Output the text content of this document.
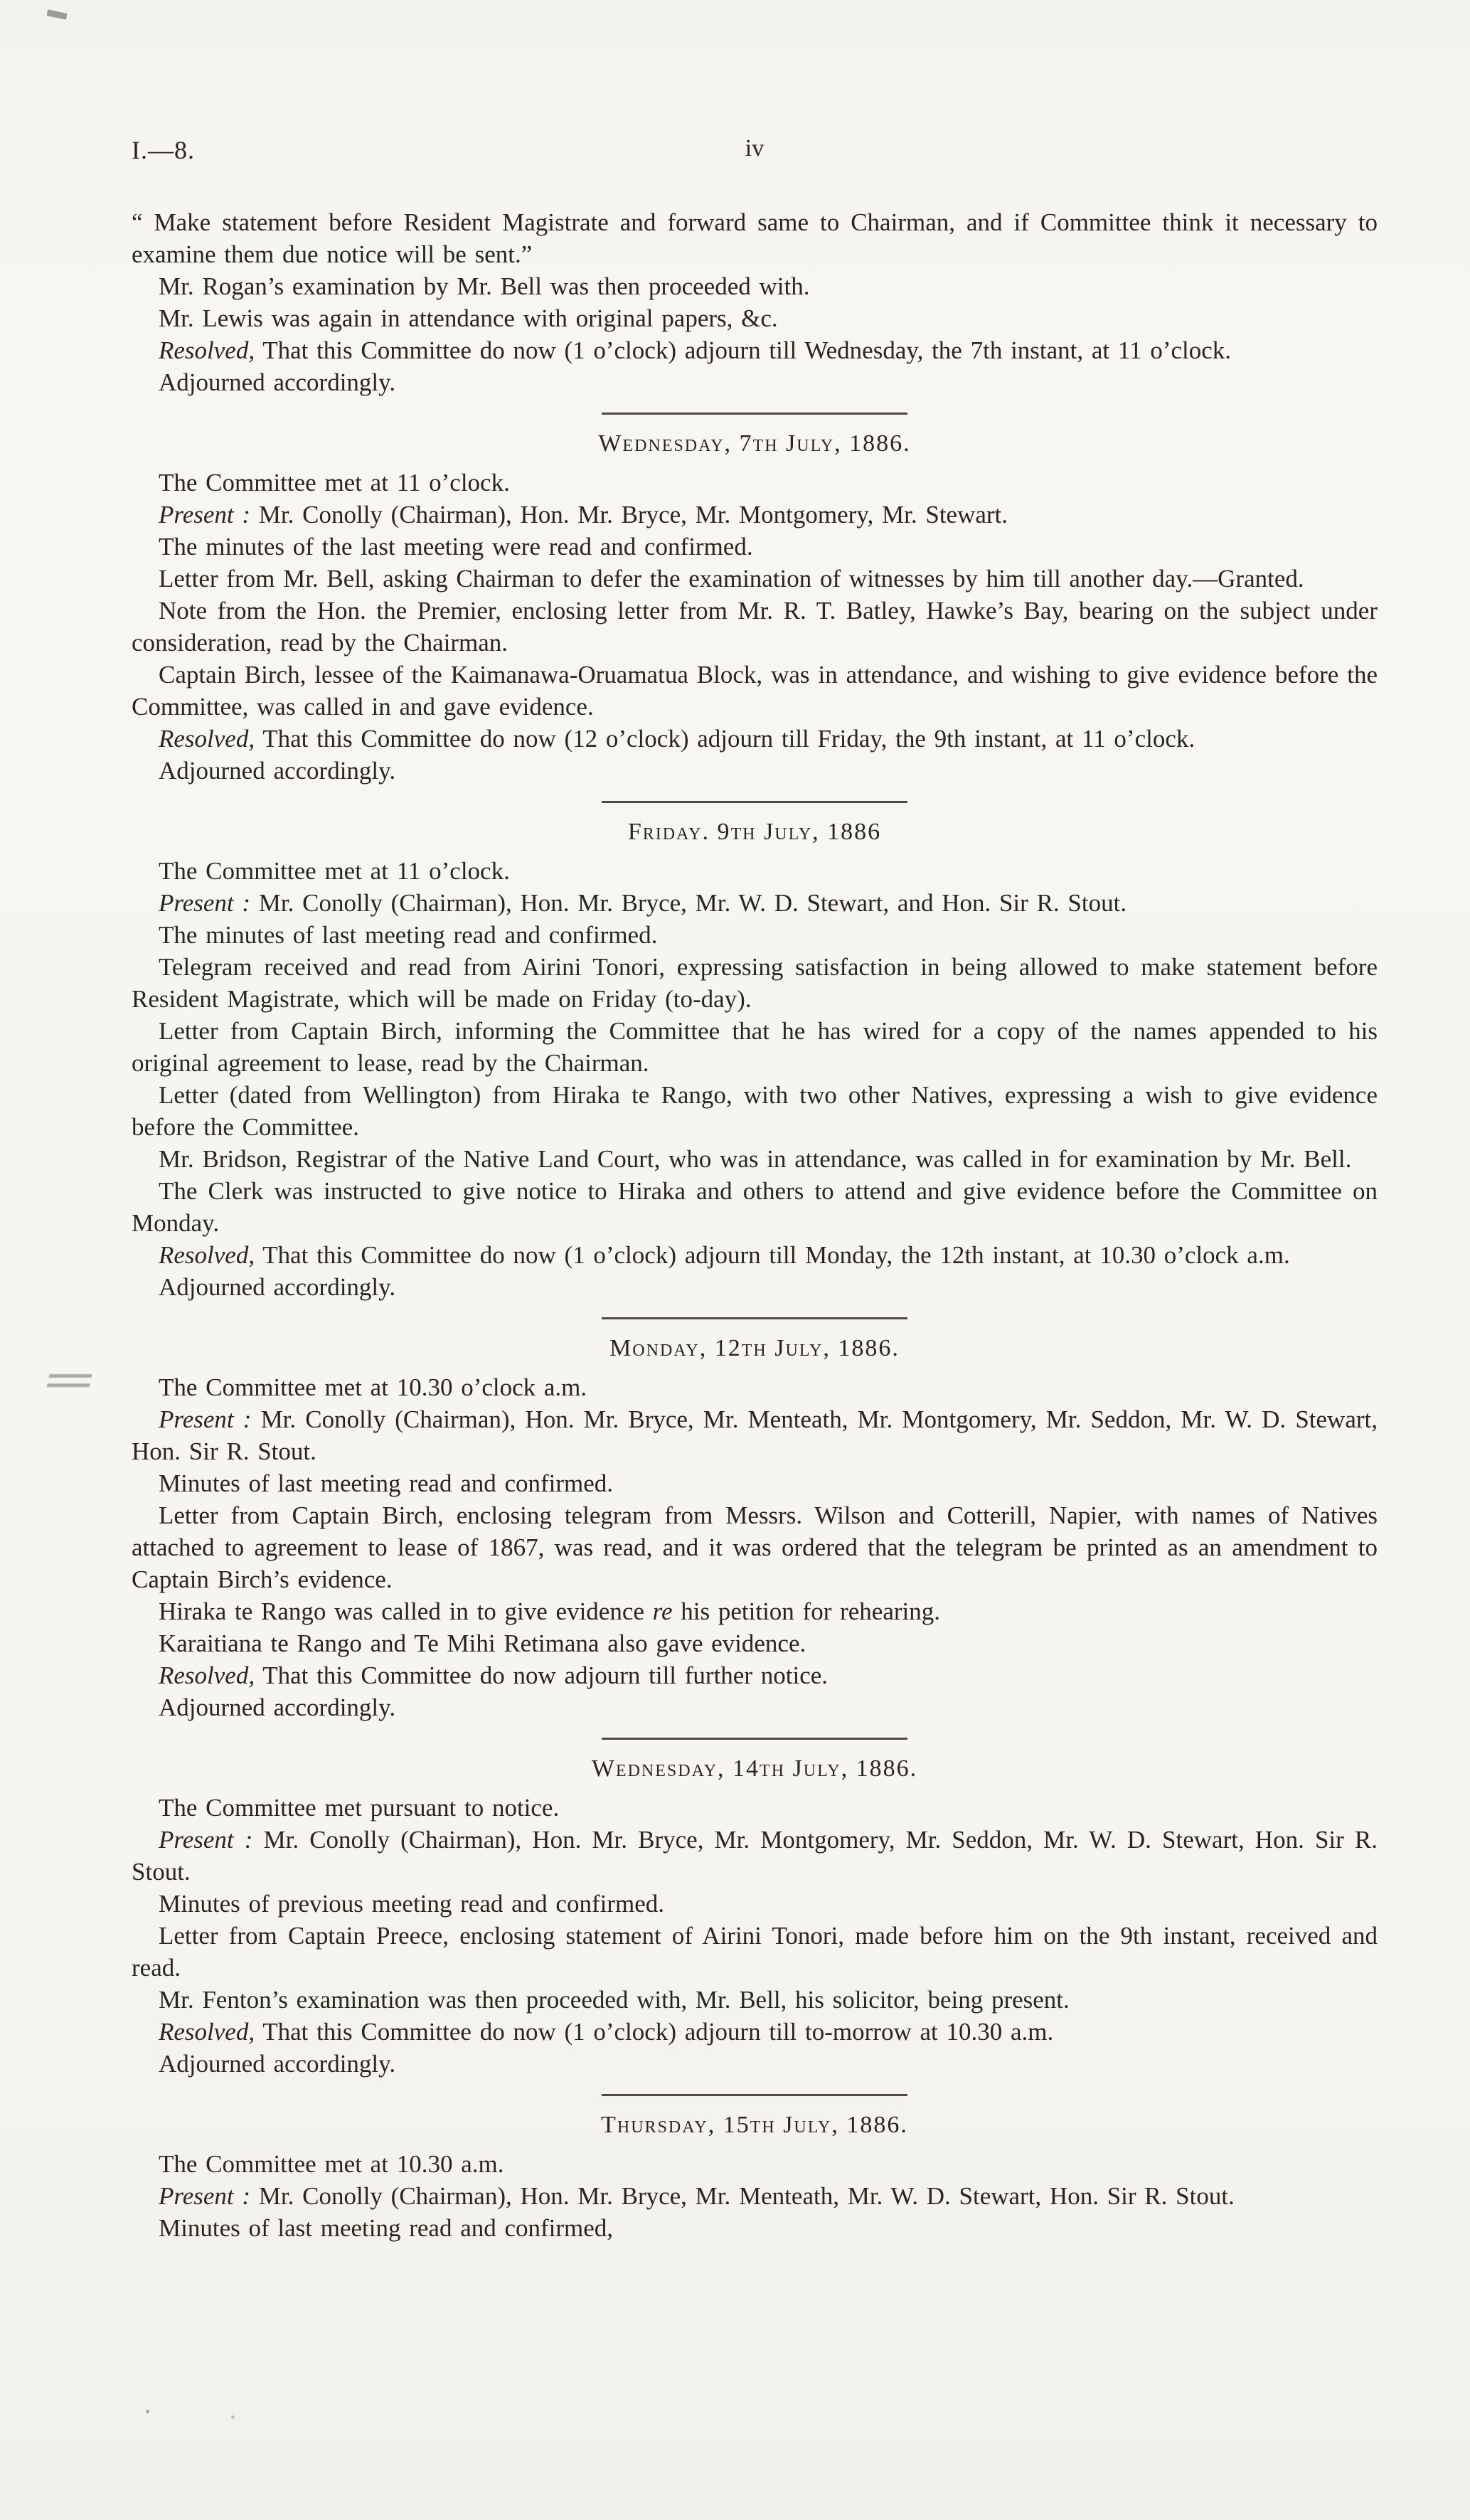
I.—8.	iv

“ Make statement before Resident Magistrate and forward same to Chairman, and if Committee think it necessary to examine them due notice will be sent.”

Mr. Rogan’s examination by Mr. Bell was then proceeded with.

Mr. Lewis was again in attendance with original papers, &c.

Resolved, That this Committee do now (1 o’clock) adjourn till Wednesday, the 7th instant, at 11 o’clock.

Adjourned accordingly.

Wednesday, 7th July, 1886.

The Committee met at 11 o’clock.

Present : Mr. Conolly (Chairman), Hon. Mr. Bryce, Mr. Montgomery, Mr. Stewart.

The minutes of the last meeting were read and confirmed.

Letter from Mr. Bell, asking Chairman to defer the examination of witnesses by him till another day.—Granted.

Note from the Hon. the Premier, enclosing letter from Mr. R. T. Batley, Hawke’s Bay, bearing on the subject under consideration, read by the Chairman.

Captain Birch, lessee of the Kaimanawa-Oruamatua Block, was in attendance, and wishing to give evidence before the Committee, was called in and gave evidence.

Resolved, That this Committee do now (12 o’clock) adjourn till Friday, the 9th instant, at 11 o’clock.

Adjourned accordingly.

Friday. 9th July, 1886

The Committee met at 11 o’clock.

Present : Mr. Conolly (Chairman), Hon. Mr. Bryce, Mr. W. D. Stewart, and Hon. Sir R. Stout.

The minutes of last meeting read and confirmed.

Telegram received and read from Airini Tonori, expressing satisfaction in being allowed to make statement before Resident Magistrate, which will be made on Friday (to-day).

Letter from Captain Birch, informing the Committee that he has wired for a copy of the names appended to his original agreement to lease, read by the Chairman.

Letter (dated from Wellington) from Hiraka te Rango, with two other Natives, expressing a wish to give evidence before the Committee.

Mr. Bridson, Registrar of the Native Land Court, who was in attendance, was called in for examination by Mr. Bell.

The Clerk was instructed to give notice to Hiraka and others to attend and give evidence before the Committee on Monday.

Resolved, That this Committee do now (1 o’clock) adjourn till Monday, the 12th instant, at 10.30 o’clock a.m.

Adjourned accordingly.

Monday, 12th July, 1886.

The Committee met at 10.30 o’clock a.m.

Present : Mr. Conolly (Chairman), Hon. Mr. Bryce, Mr. Menteath, Mr. Montgomery, Mr. Seddon, Mr. W. D. Stewart, Hon. Sir R. Stout.

Minutes of last meeting read and confirmed.

Letter from Captain Birch, enclosing telegram from Messrs. Wilson and Cotterill, Napier, with names of Natives attached to agreement to lease of 1867, was read, and it was ordered that the telegram be printed as an amendment to Captain Birch’s evidence.

Hiraka te Rango was called in to give evidence re his petition for rehearing.

Karaitiana te Rango and Te Mihi Retimana also gave evidence.

Resolved, That this Committee do now adjourn till further notice.

Adjourned accordingly.

Wednesday, 14th July, 1886.

The Committee met pursuant to notice.

Present : Mr. Conolly (Chairman), Hon. Mr. Bryce, Mr. Montgomery, Mr. Seddon, Mr. W. D. Stewart, Hon. Sir R. Stout.

Minutes of previous meeting read and confirmed.

Letter from Captain Preece, enclosing statement of Airini Tonori, made before him on the 9th instant, received and read.

Mr. Fenton’s examination was then proceeded with, Mr. Bell, his solicitor, being present.

Resolved, That this Committee do now (1 o’clock) adjourn till to-morrow at 10.30 a.m.

Adjourned accordingly.

Thursday, 15th July, 1886.

The Committee met at 10.30 a.m.

Present : Mr. Conolly (Chairman), Hon. Mr. Bryce, Mr. Menteath, Mr. W. D. Stewart, Hon. Sir R. Stout.

Minutes of last meeting read and confirmed,
